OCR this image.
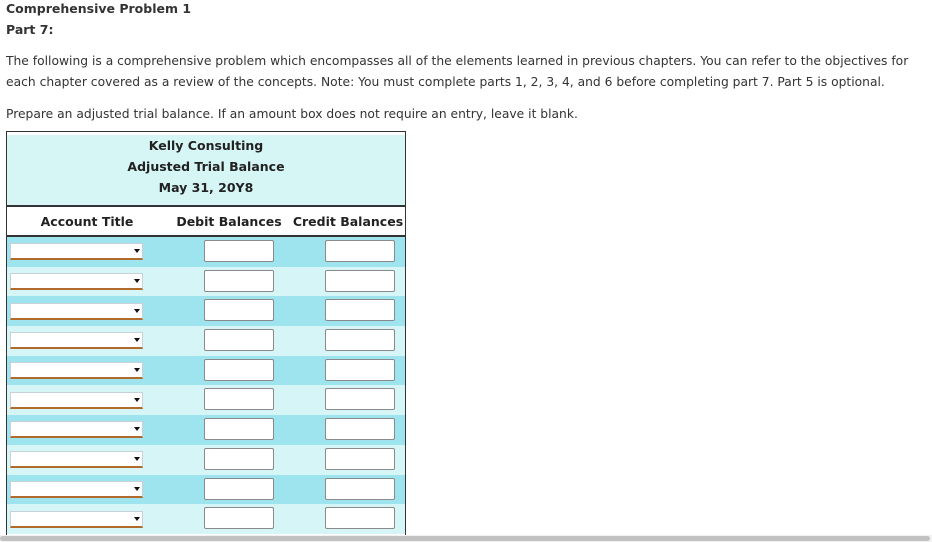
Comprehensive Problem 1
Part 7:
The following is a comprehensive problem which encompasses all of the elements learned in previous chapters. You can refer to the objectives for each chapter covered as a review of the concepts. Note: You must complete parts 1, 2, 3, 4, and 6 before completing part 7. Part 5 is optional.
Prepare an adjusted trial balance. If an amount box does not require an entry, leave it blank.
Kelly Consulting
Adjusted Trial Balance
May 31, 20Y8
Account Title	Debit Balances Credit Balances
